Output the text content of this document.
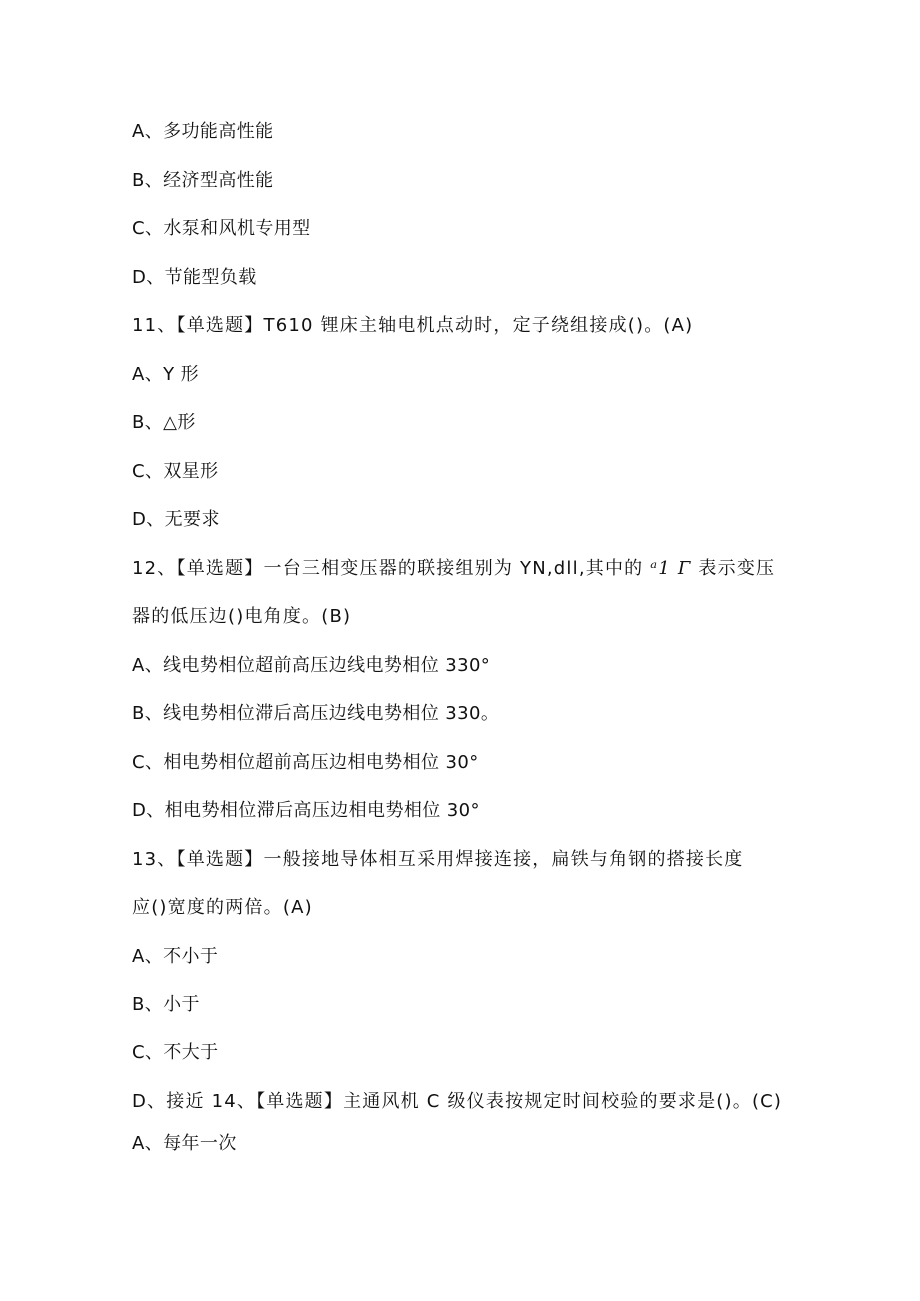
A、多功能高性能
B、经济型高性能
C、水泵和风机专用型
D、节能型负载
11、【单选题】T610 锂床主轴电机点动时，定子绕组接成()。(A)
A、Y 形
B、△形
C、双星形
D、无要求
12、【单选题】一台三相变压器的联接组别为 YN,dll,其中的 ᵃ1 Γ 表示变压
器的低压边()电角度。(B)
A、线电势相位超前高压边线电势相位 330°
B、线电势相位滞后高压边线电势相位 330。
C、相电势相位超前高压边相电势相位 30°
D、相电势相位滞后高压边相电势相位 30°
13、【单选题】一般接地导体相互采用焊接连接，扁铁与角钢的搭接长度
应()宽度的两倍。(A)
A、不小于
B、小于
C、不大于
D、接近 14、【单选题】主通风机 C 级仪表按规定时间校验的要求是()。(C)
A、每年一次
